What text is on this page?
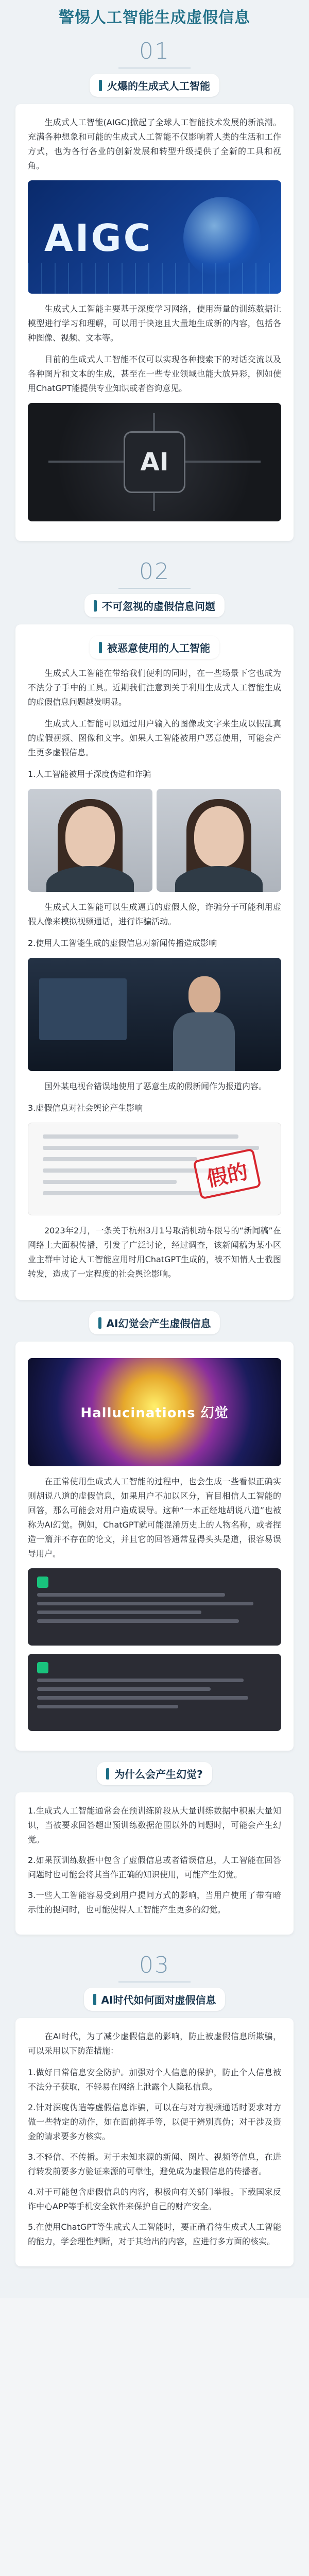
警惕人工智能生成虚假信息
01
火爆的生成式人工智能

生成式人工智能(AIGC)掀起了全球人工智能技术发展的新浪潮。充满各种想象和可能的生成式人工智能不仅影响着人类的生活和工作方式，也为各行各业的创新发展和转型升级提供了全新的工具和视角。

AIGC

生成式人工智能主要基于深度学习网络，使用海量的训练数据让模型进行学习和理解，可以用于快速且大量地生成新的内容，包括各种图像、视频、文本等。

目前的生成式人工智能不仅可以实现各种搜索下的对话交流以及各种图片和文本的生成，甚至在一些专业领域也能大放异彩，例如使用ChatGPT能提供专业知识或者咨询意见。

AI
02
不可忽视的虚假信息问题
被恶意使用的人工智能

生成式人工智能在带给我们便利的同时，在一些场景下它也成为不法分子手中的工具。近期我们注意到关于利用生成式人工智能生成的虚假信息问题越发明显。

生成式人工智能可以通过用户输入的图像或文字来生成以假乱真的虚假视频、图像和文字。如果人工智能被用户恶意使用，可能会产生更多虚假信息。

1.人工智能被用于深度伪造和诈骗

生成式人工智能可以生成逼真的虚假人像，诈骗分子可能利用虚假人像来模拟视频通话，进行诈骗活动。

2.使用人工智能生成的虚假信息对新闻传播造成影响

国外某电视台错误地使用了恶意生成的假新闻作为报道内容。

3.虚假信息对社会舆论产生影响

假的

2023年2月，一条关于杭州3月1号取消机动车限号的“新闻稿”在网络上大面积传播，引发了广泛讨论，经过调查，该新闻稿为某小区业主群中讨论人工智能应用时用ChatGPT生成的，被不知情人士截图转发，造成了一定程度的社会舆论影响。

AI幻觉会产生虚假信息
Hallucinations 幻觉

在正常使用生成式人工智能的过程中，也会生成一些看似正确实则胡说八道的虚假信息，如果用户不加以区分，盲目相信人工智能的回答，那么可能会对用户造成误导。这种“一本正经地胡说八道”也被称为AI幻觉。例如，ChatGPT就可能混淆历史上的人物名称，或者捏造一篇并不存在的论文，并且它的回答通常显得头头是道，很容易误导用户。

为什么会产生幻觉?

1.生成式人工智能通常会在预训练阶段从大量训练数据中积累大量知识，当被要求回答超出预训练数据范围以外的问题时，可能会产生幻觉。

2.如果预训练数据中包含了虚假信息或者错误信息，人工智能在回答问题时也可能会将其当作正确的知识使用，可能产生幻觉。

3.一些人工智能容易受到用户提问方式的影响，当用户使用了带有暗示性的提问时，也可能使得人工智能产生更多的幻觉。

03
AI时代如何面对虚假信息

在AI时代，为了减少虚假信息的影响，防止被虚假信息所欺骗，可以采用以下防范措施：

1.做好日常信息安全防护。加强对个人信息的保护，防止个人信息被不法分子获取，不轻易在网络上泄露个人隐私信息。

2.针对深度伪造等虚假信息诈骗，可以在与对方视频通话时要求对方做一些特定的动作，如在面前挥手等，以便于辨别真伪；对于涉及资金的请求要多方核实。

3.不轻信、不传播。对于未知来源的新闻、图片、视频等信息，在进行转发前要多方验证来源的可靠性，避免成为虚假信息的传播者。

4.对于可能包含虚假信息的内容，积极向有关部门举报。下载国家反诈中心APP等手机安全软件来保护自己的财产安全。

5.在使用ChatGPT等生成式人工智能时，要正确看待生成式人工智能的能力，学会理性判断，对于其给出的内容，应进行多方面的核实。
